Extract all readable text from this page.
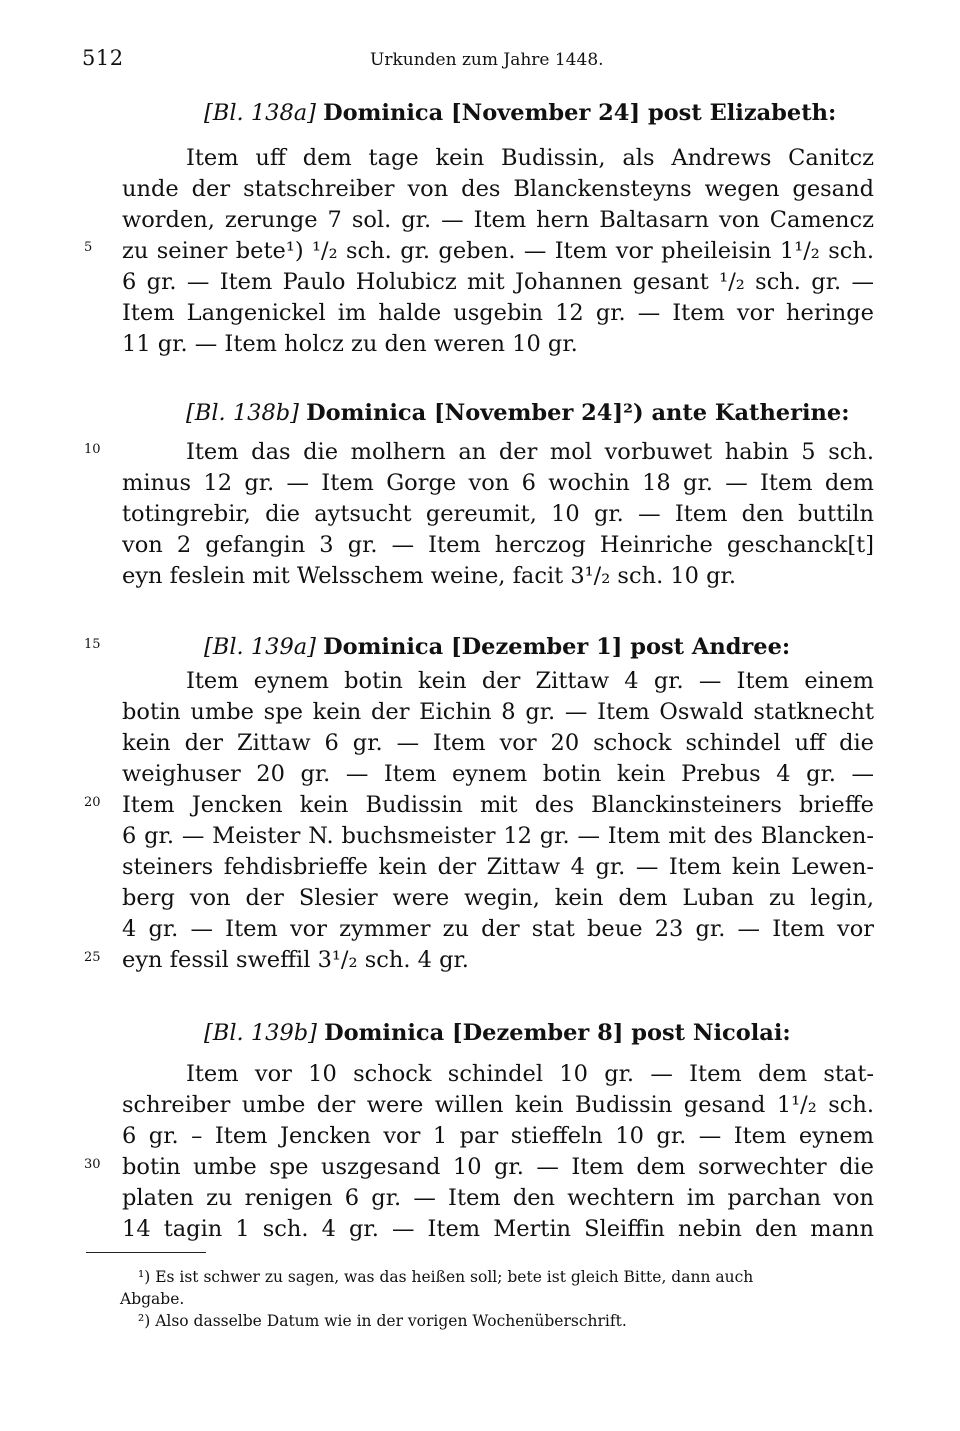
512	Urkunden zum Jahre 1448.
[Bl. 138a] Dominica [November 24] post Elizabeth:
Item uff dem tage kein Budissin, als Andrews Canitcz
unde der statschreiber von des Blanckensteyns wegen gesand
worden, zerunge 7 sol. gr. — Item hern Baltasarn von Camencz
zu seiner bete¹) ¹/₂ sch. gr. geben. — Item vor pheileisin 1¹/₂ sch.
6 gr. — Item Paulo Holubicz mit Johannen gesant ¹/₂ sch. gr. —
Item Langenickel im halde usgebin 12 gr. — Item vor heringe
11 gr. — Item holcz zu den weren 10 gr.
[Bl. 138b] Dominica [November 24]²) ante Katherine:
Item das die molhern an der mol vorbuwet habin 5 sch.
minus 12 gr. — Item Gorge von 6 wochin 18 gr. — Item dem
totingrebir, die aytsucht gereumit, 10 gr. — Item den buttiln
von 2 gefangin 3 gr. — Item herczog Heinriche geschanck[t]
eyn feslein mit Welsschem weine, facit 3¹/₂ sch. 10 gr.
[Bl. 139a] Dominica [Dezember 1] post Andree:
Item eynem botin kein der Zittaw 4 gr. — Item einem
botin umbe spe kein der Eichin 8 gr. — Item Oswald statknecht
kein der Zittaw 6 gr. — Item vor 20 schock schindel uff die
weighuser 20 gr. — Item eynem botin kein Prebus 4 gr. —
Item Jencken kein Budissin mit des Blanckinsteiners brieffe
6 gr. — Meister N. buchsmeister 12 gr. — Item mit des Blancken-
steiners fehdisbrieffe kein der Zittaw 4 gr. — Item kein Lewen-
berg von der Slesier were wegin, kein dem Luban zu legin,
4 gr. — Item vor zymmer zu der stat beue 23 gr. — Item vor
eyn fessil sweffil 3¹/₂ sch. 4 gr.
[Bl. 139b] Dominica [Dezember 8] post Nicolai:
Item vor 10 schock schindel 10 gr. — Item dem stat-
schreiber umbe der were willen kein Budissin gesand 1¹/₂ sch.
6 gr. – Item Jencken vor 1 par stieffeln 10 gr. — Item eynem
botin umbe spe uszgesand 10 gr. — Item dem sorwechter die
platen zu renigen 6 gr. — Item den wechtern im parchan von
14 tagin 1 sch. 4 gr. — Item Mertin Sleiffin nebin den mann
5
10
15
20
25
30
¹) Es ist schwer zu sagen, was das heißen soll; bete ist gleich Bitte, dann auch
Abgabe.
²) Also dasselbe Datum wie in der vorigen Wochenüberschrift.
